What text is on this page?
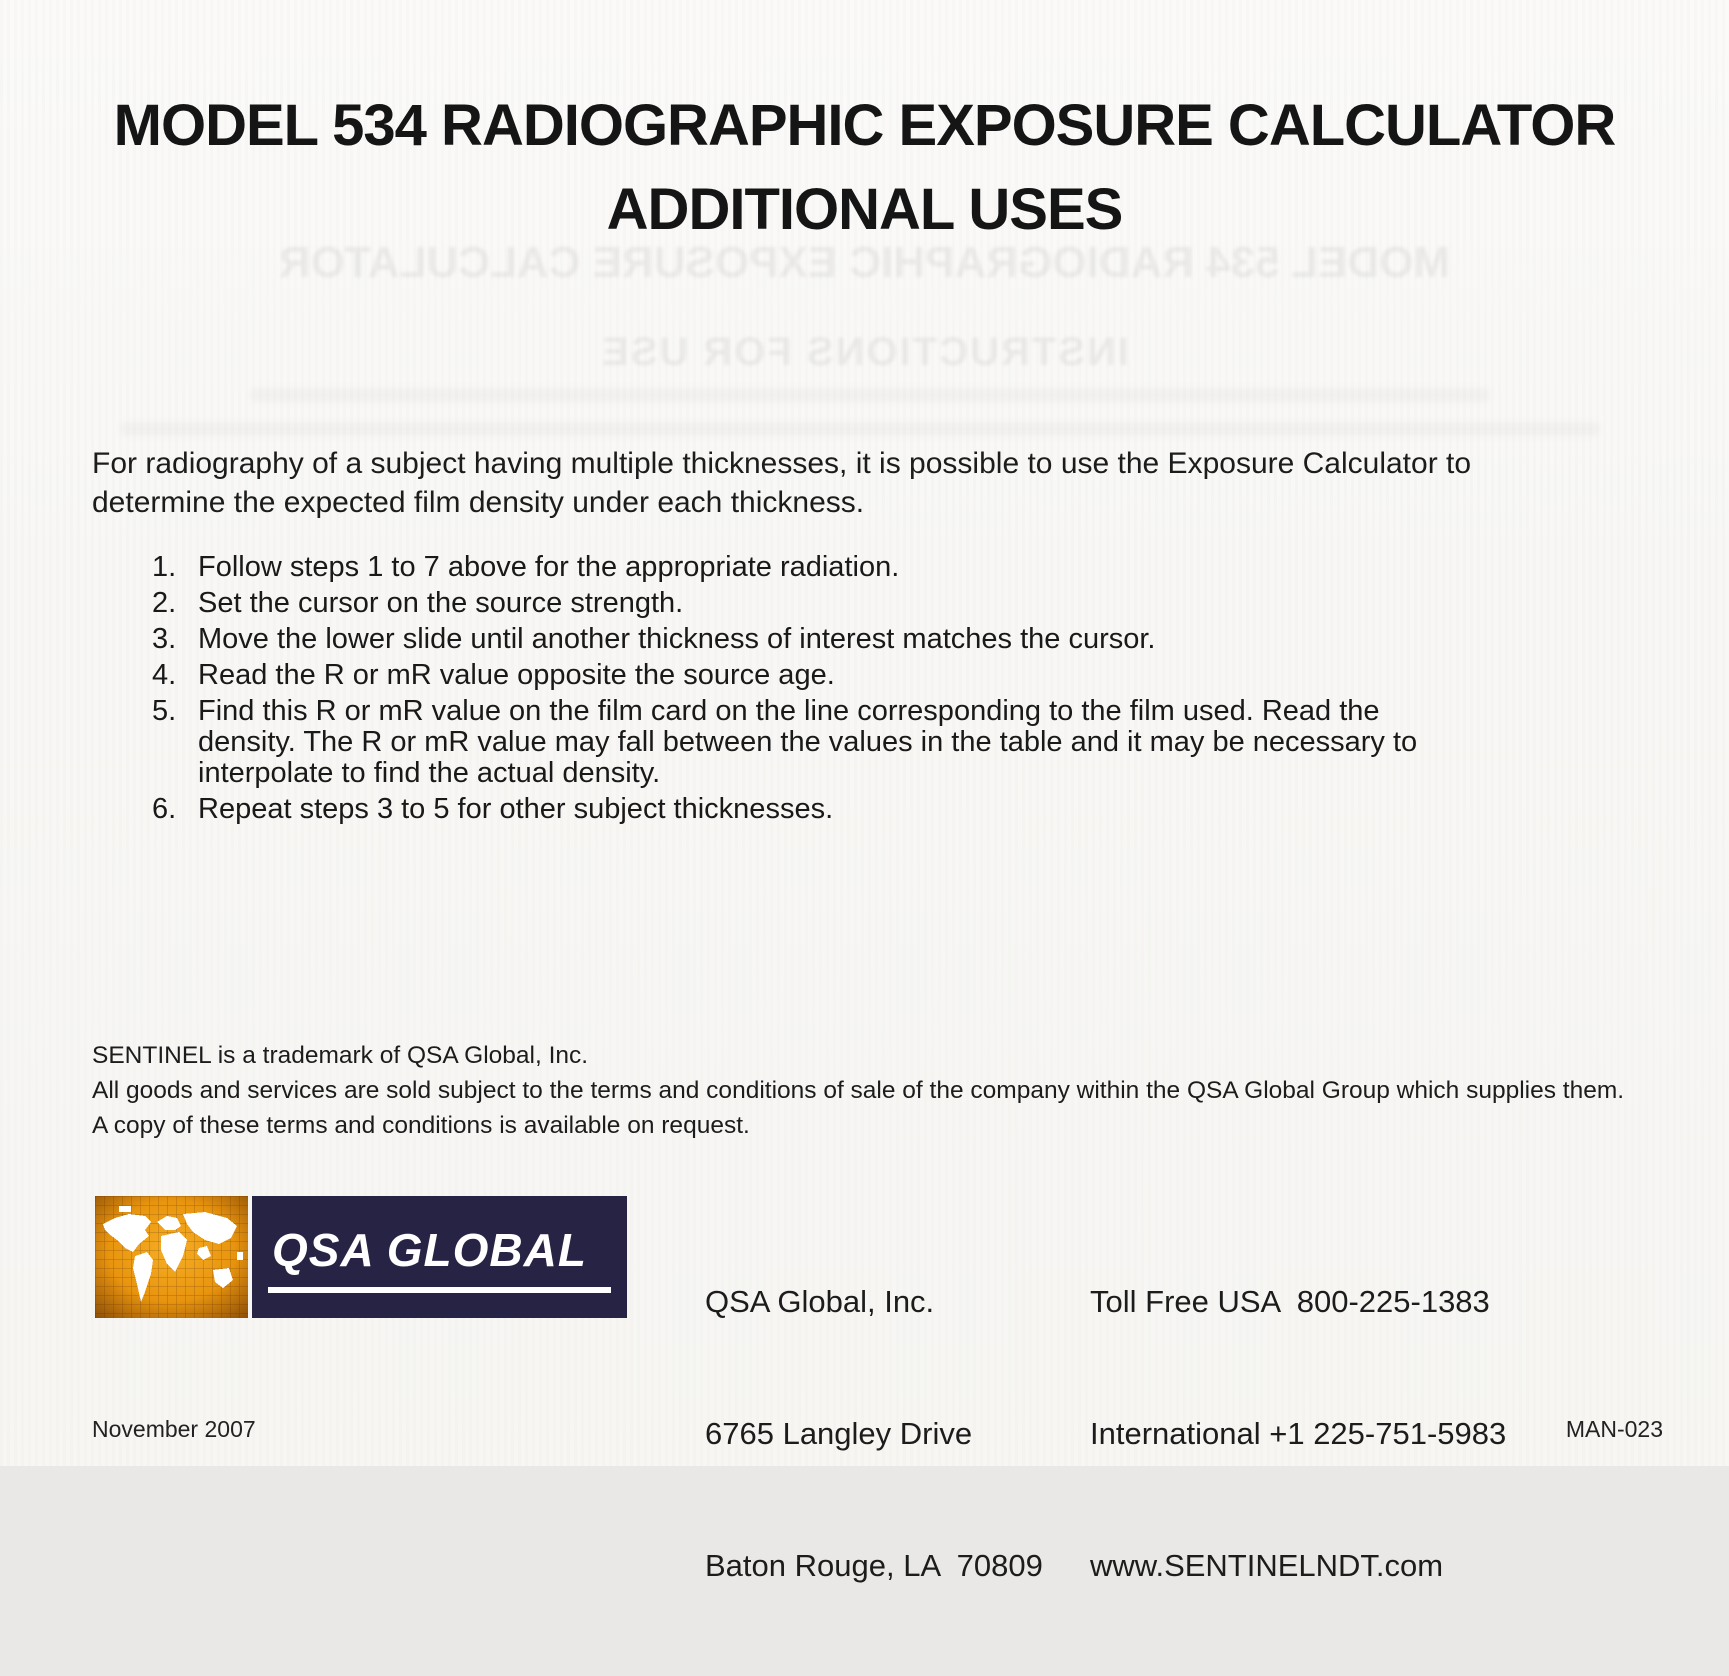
MODEL 534 RADIOGRAPHIC EXPOSURE CALCULATOR
INSTRUCTIONS FOR USE
MODEL 534 RADIOGRAPHIC EXPOSURE CALCULATOR
ADDITIONAL USES

For radiography of a subject having multiple thicknesses, it is possible to use the Exposure Calculator to determine the expected film density under each thickness.

1. Follow steps 1 to 7 above for the appropriate radiation.
2. Set the cursor on the source strength.
3. Move the lower slide until another thickness of interest matches the cursor.
4. Read the R or mR value opposite the source age.
5. Find this R or mR value on the film card on the line corresponding to the film used. Read the density. The R or mR value may fall between the values in the table and it may be necessary to interpolate to find the actual density.
6. Repeat steps 3 to 5 for other subject thicknesses.
SENTINEL is a trademark of QSA Global, Inc.
All goods and services are sold subject to the terms and conditions of sale of the company within the QSA Global Group which supplies them.
A copy of these terms and conditions is available on request.
QSA GLOBAL

QSA Global, Inc.

6765 Langley Drive

Baton Rouge, LA  70809

Toll Free USA  800-225-1383

International +1 225-751-5983

www.SENTINELNDT.com

November 2007	MAN-023
